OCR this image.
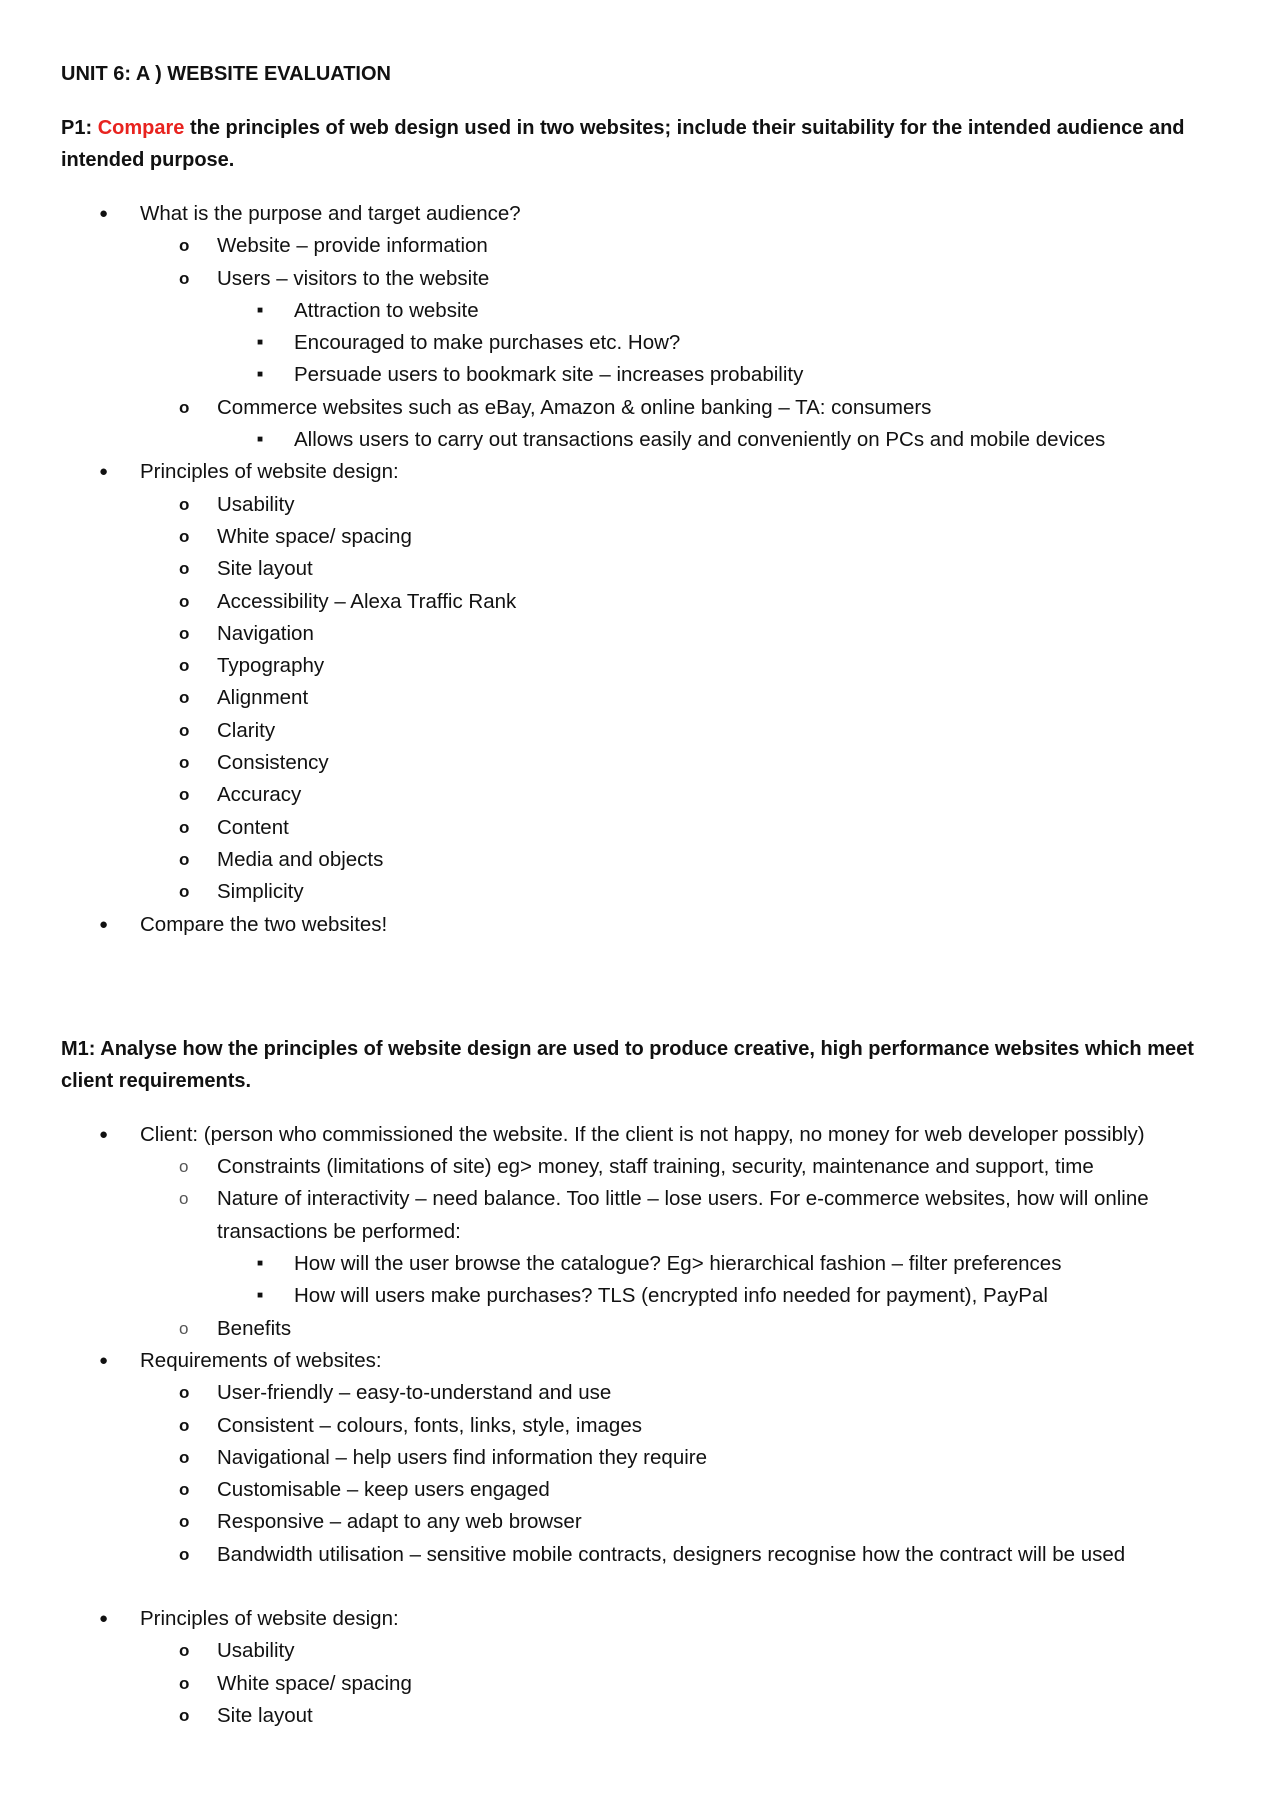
UNIT 6: A ) WEBSITE EVALUATION
P1: Compare the principles of web design used in two websites; include their suitability for the intended audience and intended purpose.
● What is the purpose and target audience?
o Website – provide information
o Users – visitors to the website
■ Attraction to website
■ Encouraged to make purchases etc. How?
■ Persuade users to bookmark site – increases probability
o Commerce websites such as eBay, Amazon & online banking – TA: consumers
■ Allows users to carry out transactions easily and conveniently on PCs and mobile devices
● Principles of website design:
o Usability
o White space/ spacing
o Site layout
o Accessibility – Alexa Traffic Rank
o Navigation
o Typography
o Alignment
o Clarity
o Consistency
o Accuracy
o Content
o Media and objects
o Simplicity
● Compare the two websites!
M1: Analyse how the principles of website design are used to produce creative, high performance websites which meet client requirements.
● Client: (person who commissioned the website. If the client is not happy, no money for web developer possibly)
o Constraints (limitations of site) eg> money, staff training, security, maintenance and support, time
o Nature of interactivity – need balance. Too little – lose users. For e-commerce websites, how will online transactions be performed:
■ How will the user browse the catalogue? Eg> hierarchical fashion – filter preferences
■ How will users make purchases? TLS (encrypted info needed for payment), PayPal
o Benefits
● Requirements of websites:
o User-friendly – easy-to-understand and use
o Consistent – colours, fonts, links, style, images
o Navigational – help users find information they require
o Customisable – keep users engaged
o Responsive – adapt to any web browser
o Bandwidth utilisation – sensitive mobile contracts, designers recognise how the contract will be used
● Principles of website design:
o Usability
o White space/ spacing
o Site layout
